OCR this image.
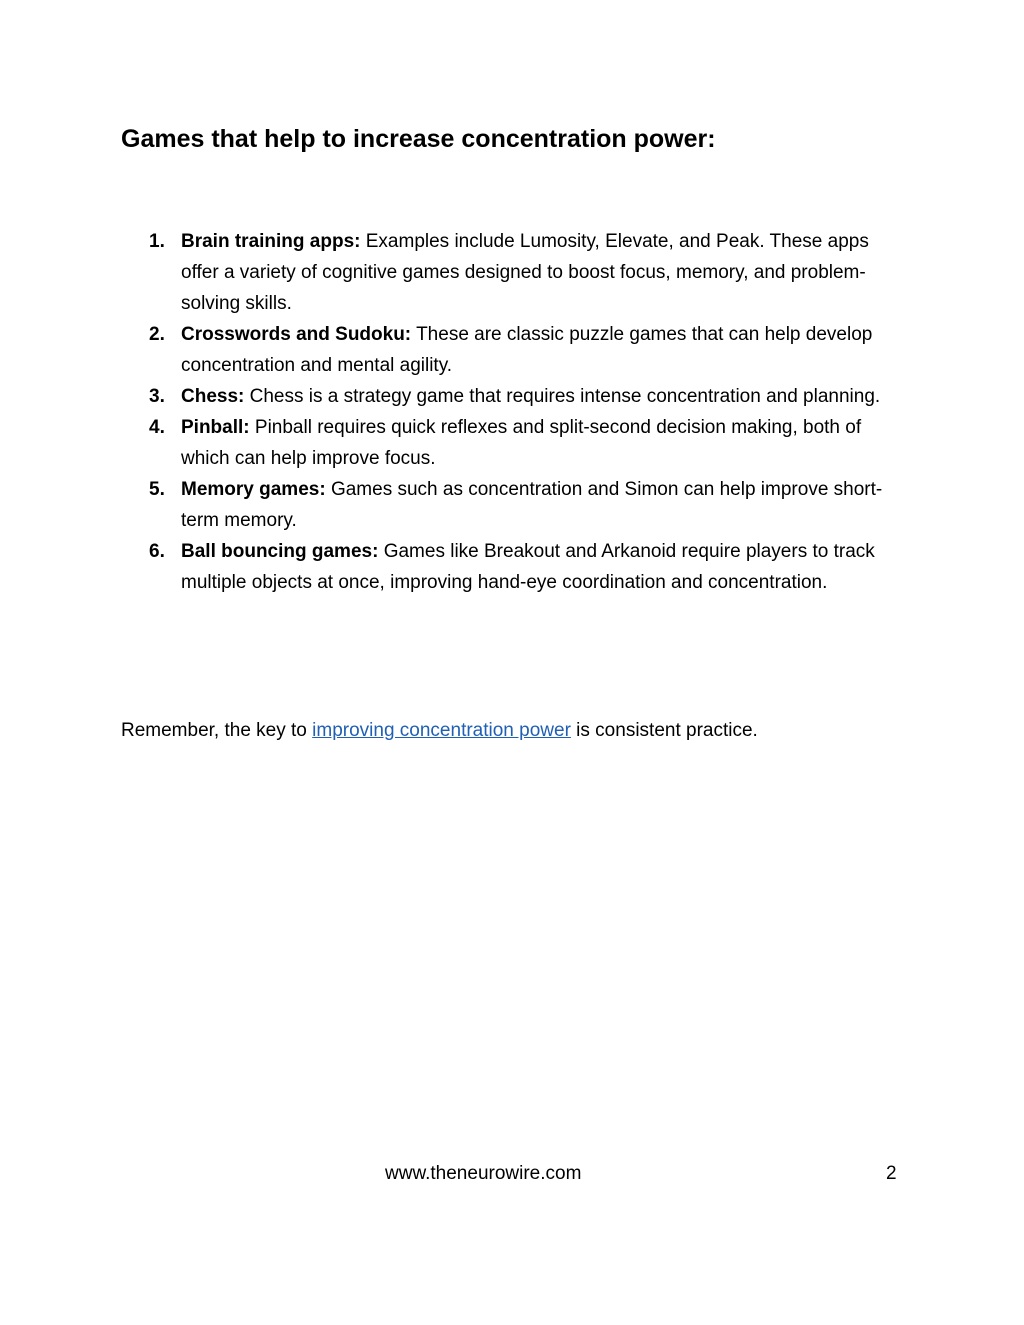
Games that help to increase concentration power:
1. Brain training apps: Examples include Lumosity, Elevate, and Peak. These apps offer a variety of cognitive games designed to boost focus, memory, and problem-solving skills.
2. Crosswords and Sudoku: These are classic puzzle games that can help develop concentration and mental agility.
3. Chess: Chess is a strategy game that requires intense concentration and planning.
4. Pinball: Pinball requires quick reflexes and split-second decision making, both of which can help improve focus.
5. Memory games: Games such as concentration and Simon can help improve short-term memory.
6. Ball bouncing games: Games like Breakout and Arkanoid require players to track multiple objects at once, improving hand-eye coordination and concentration.

Remember, the key to improving concentration power is consistent practice.

www.theneurowire.com	2
